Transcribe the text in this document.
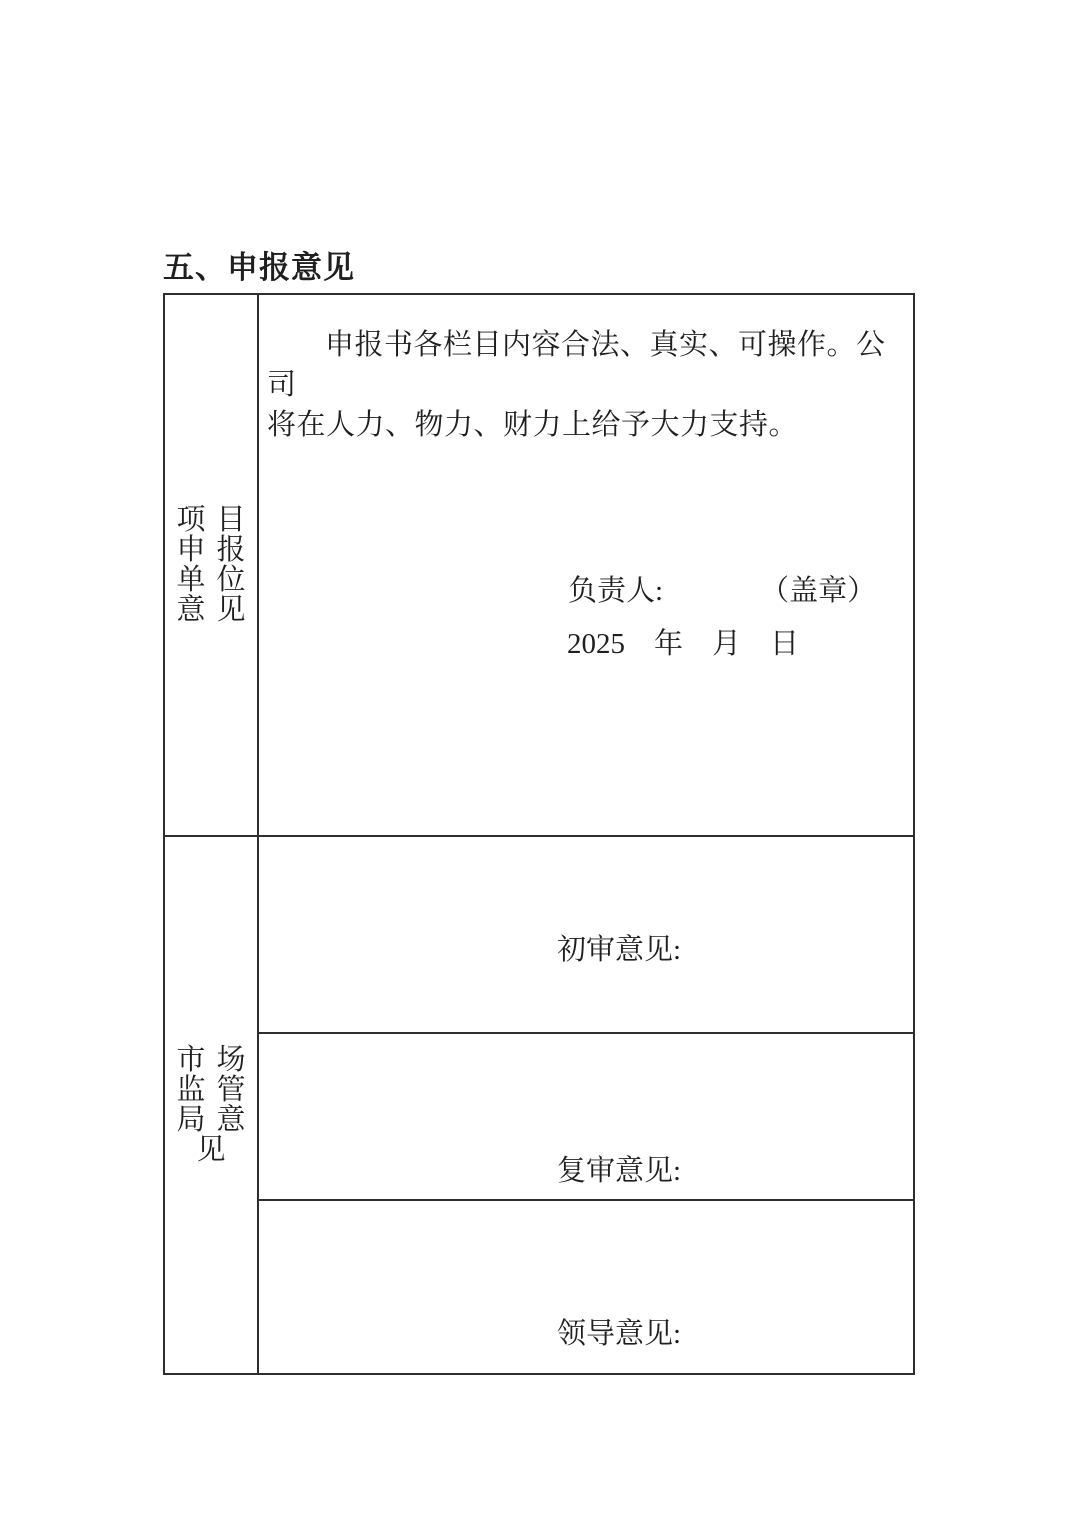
五、申报意见
项目
申报
单位
意见
申报书各栏目内容合法、真实、可操作。公司
将在人力、物力、财力上给予大力支持。
负责人:	（盖章）
2025 年 月 日
市场
监管
局意
见
初审意见:
复审意见:
领导意见:
